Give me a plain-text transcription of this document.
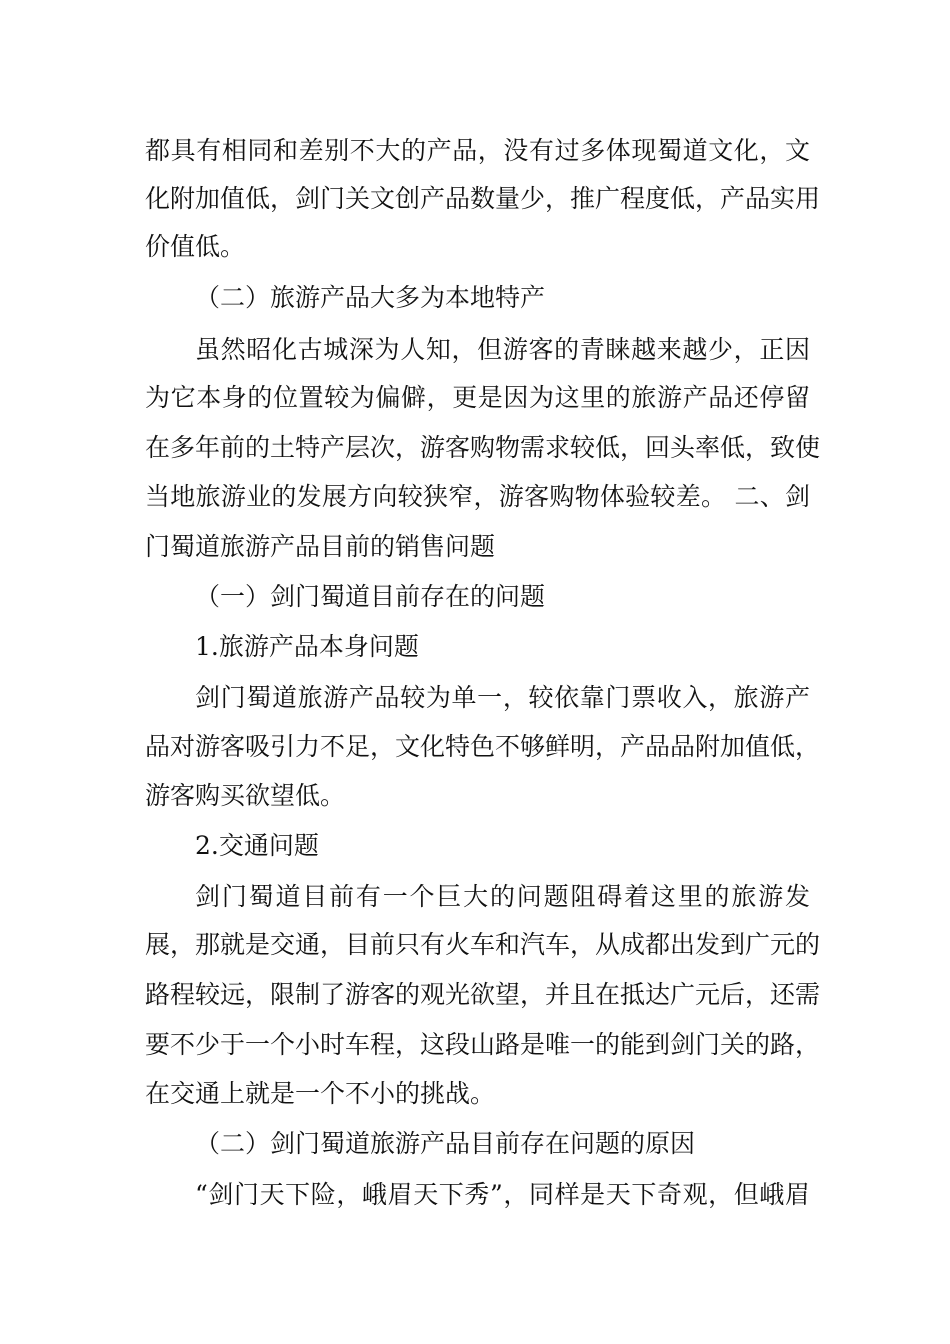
都具有相同和差别不大的产品，没有过多体现蜀道文化，文
化附加值低，剑门关文创产品数量少，推广程度低，产品实用
价值低。
（二）旅游产品大多为本地特产
虽然昭化古城深为人知，但游客的青睐越来越少，正因
为它本身的位置较为偏僻，更是因为这里的旅游产品还停留
在多年前的土特产层次，游客购物需求较低，回头率低，致使
当地旅游业的发展方向较狭窄，游客购物体验较差。 二、剑
门蜀道旅游产品目前的销售问题
（一）剑门蜀道目前存在的问题
1.旅游产品本身问题
剑门蜀道旅游产品较为单一，较依靠门票收入，旅游产
品对游客吸引力不足，文化特色不够鲜明，产品品附加值低，
游客购买欲望低。
2.交通问题
剑门蜀道目前有一个巨大的问题阻碍着这里的旅游发
展，那就是交通，目前只有火车和汽车，从成都出发到广元的
路程较远，限制了游客的观光欲望，并且在抵达广元后，还需
要不少于一个小时车程，这段山路是唯一的能到剑门关的路，
在交通上就是一个不小的挑战。
（二）剑门蜀道旅游产品目前存在问题的原因
“剑门天下险，峨眉天下秀”，同样是天下奇观，但峨眉
